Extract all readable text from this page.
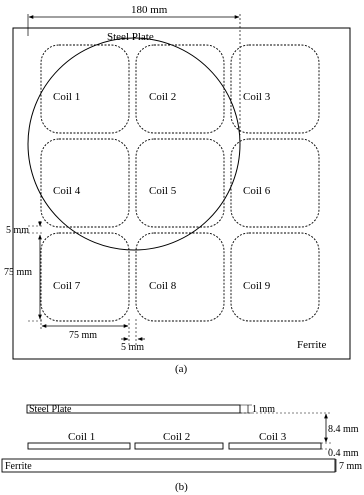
180 mm
Steel Plate
Coil 1	Coil 2	Coil 3
Coil 4	Coil 5	Coil 6
Coil 7	Coil 8	Coil 9
5 mm
75 mm
75 mm
5 mm	Ferrite
(a)
Steel Plate
Coil 1	Coil 2	Coil 3
Ferrite
1 mm
8.4 mm
0.4 mm
7 mm
(b)
